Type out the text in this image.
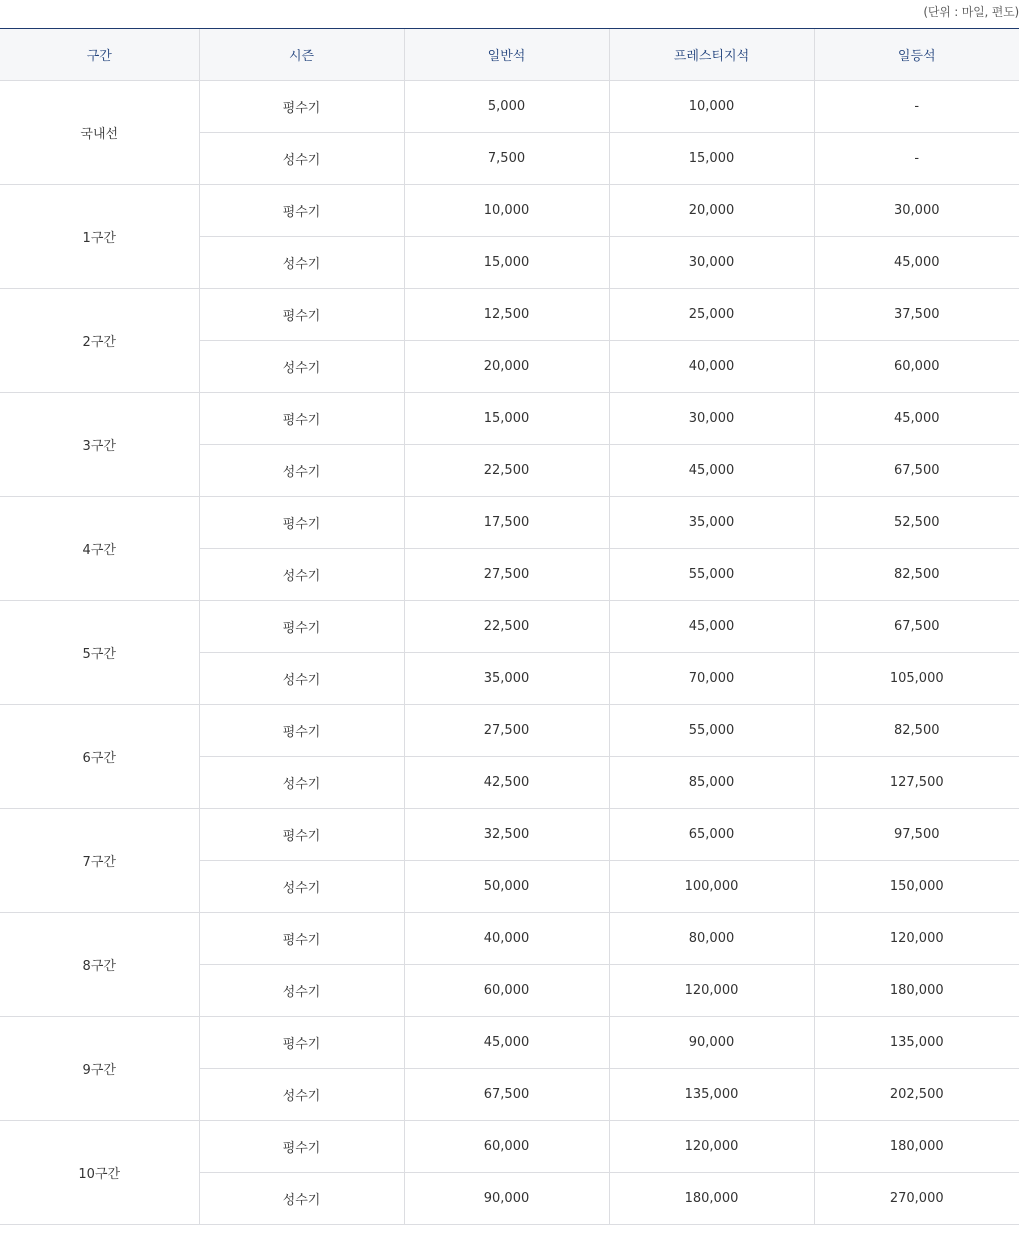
(단위 : 마일, 편도)
구간	시즌	일반석	프레스티지석	일등석
국내선	평수기	5,000	10,000	-
	성수기	7,500	15,000	-
1구간	평수기	10,000	20,000	30,000
	성수기	15,000	30,000	45,000
2구간	평수기	12,500	25,000	37,500
	성수기	20,000	40,000	60,000
3구간	평수기	15,000	30,000	45,000
	성수기	22,500	45,000	67,500
4구간	평수기	17,500	35,000	52,500
	성수기	27,500	55,000	82,500
5구간	평수기	22,500	45,000	67,500
	성수기	35,000	70,000	105,000
6구간	평수기	27,500	55,000	82,500
	성수기	42,500	85,000	127,500
7구간	평수기	32,500	65,000	97,500
	성수기	50,000	100,000	150,000
8구간	평수기	40,000	80,000	120,000
	성수기	60,000	120,000	180,000
9구간	평수기	45,000	90,000	135,000
	성수기	67,500	135,000	202,500
10구간	평수기	60,000	120,000	180,000
	성수기	90,000	180,000	270,000
